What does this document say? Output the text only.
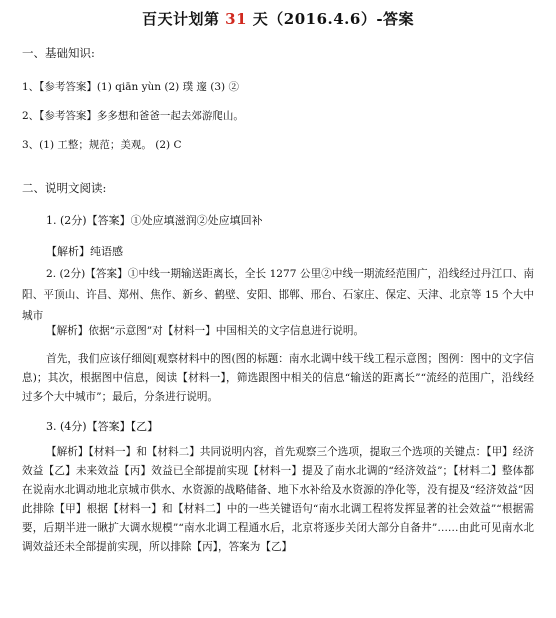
百天计划第 31 天（2016.4.6）-答案
一、基础知识:
1、【参考答案】(1) qiān yùn (2) 璞 邃 (3) ②
2、【参考答案】多多想和爸爸一起去郊游爬山。
3、(1) 工整；规范；美观。 (2) C
二、说明文阅读:
1. (2分)【答案】①处应填滋润②处应填回补
【解析】纯语感
2. (2分)【答案】①中线一期输送距离长，全长 1277 公里②中线一期流经范围广，沿线经过丹江口、南阳、平顶山、许昌、郑州、焦作、新乡、鹤壁、安阳、邯郸、邢台、石家庄、保定、天津、北京等 15 个大中城市
【解析】依据“示意图”对【材料一】中国相关的文字信息进行说明。
首先，我们应该仔细阅[观察材料中的图(图的标题：南水北调中线干线工程示意图；图例：图中的文字信息)；其次，根据图中信息，阅读【材料一】，筛选跟图中相关的信息“输送的距离长”“流经的范围广，沿线经过多个大中城市”；最后，分条进行说明。
3. (4分)【答案】【乙】
【解析】【材料一】和【材料二】共同说明内容，首先观察三个选项，提取三个选项的关键点：【甲】经济效益【乙】未来效益【丙】效益已全部提前实现【材料一】提及了南水北调的“经济效益”；【材料二】整体都在说南水北调动地北京城市供水、水资源的战略储备、地下水补给及水资源的净化等，没有提及“经济效益”因此排除【甲】根据【材料一】和【材料二】中的一些关键语句“南水北调工程将发挥显著的社会效益”“根据需要，后期半进一瞅扩大调水规模”“南水北调工程通水后，北京将逐步关闭大部分自备井”……由此可见南水北调效益还未全部提前实现，所以排除【丙】，答案为【乙】
